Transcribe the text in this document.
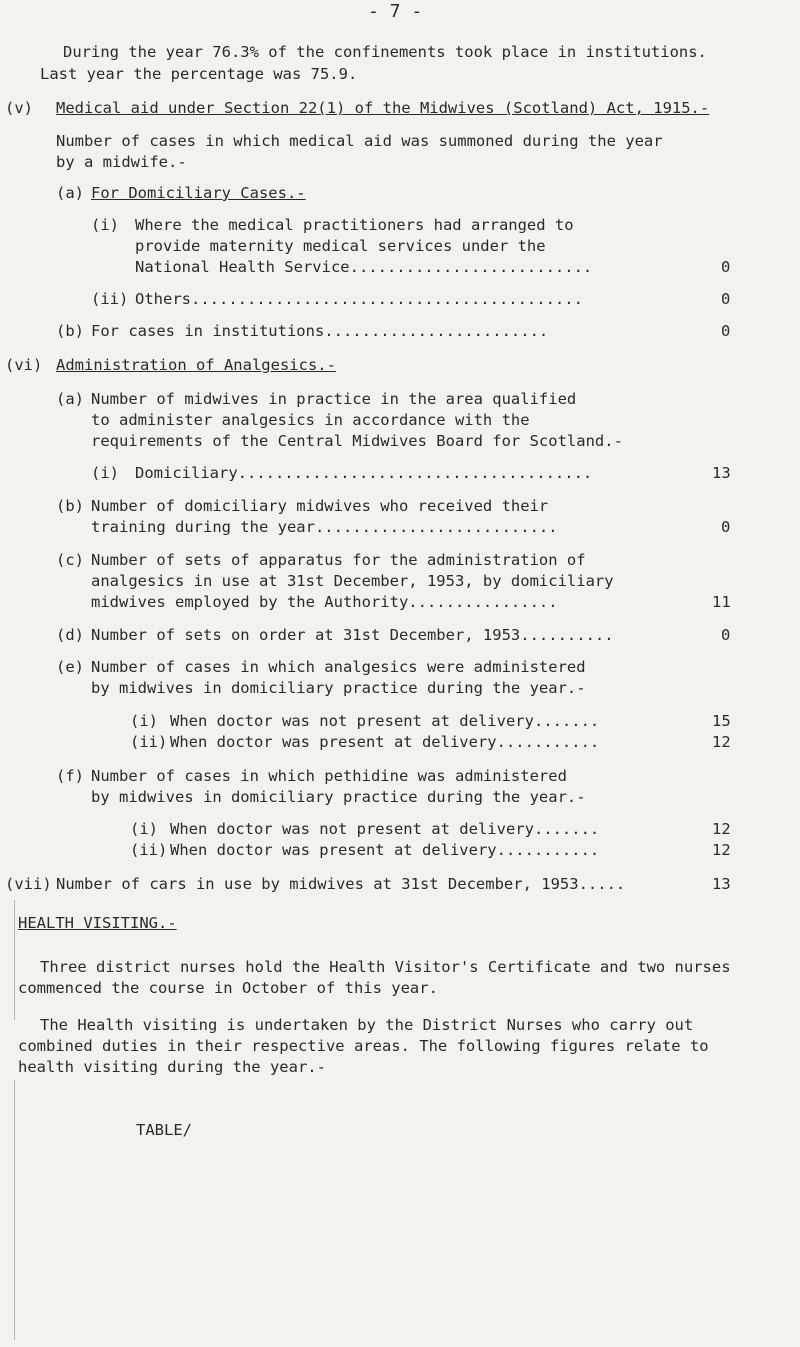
- 7 -
During the year 76.3% of the confinements took place in institutions.
Last year the percentage was 75.9.
(v) Medical aid under Section 22(1) of the Midwives (Scotland) Act, 1915.-
Number of cases in which medical aid was summoned during the year
by a midwife.-
(a) For Domiciliary Cases.-
(i) Where the medical practitioners had arranged to
provide maternity medical services under the
National Health Service..........................	0
(ii) Others..........................................	0
(b) For cases in institutions........................	0
(vi) Administration of Analgesics.-
(a) Number of midwives in practice in the area qualified
to administer analgesics in accordance with the
requirements of the Central Midwives Board for Scotland.-
(i) Domiciliary......................................	13
(b) Number of domiciliary midwives who received their
training during the year..........................	0
(c) Number of sets of apparatus for the administration of
analgesics in use at 31st December, 1953, by domiciliary
midwives employed by the Authority................	11
(d) Number of sets on order at 31st December, 1953..........	0
(e) Number of cases in which analgesics were administered
by midwives in domiciliary practice during the year.-
(i) When doctor was not present at delivery.......	15
(ii) When doctor was present at delivery...........	12
(f) Number of cases in which pethidine was administered
by midwives in domiciliary practice during the year.-
(i) When doctor was not present at delivery.......	12
(ii) When doctor was present at delivery...........	12
(vii) Number of cars in use by midwives at 31st December, 1953.....	13
HEALTH VISITING.-
Three district nurses hold the Health Visitor's Certificate and two nurses
commenced the course in October of this year.
The Health visiting is undertaken by the District Nurses who carry out
combined duties in their respective areas. The following figures relate to
health visiting during the year.-
TABLE/
